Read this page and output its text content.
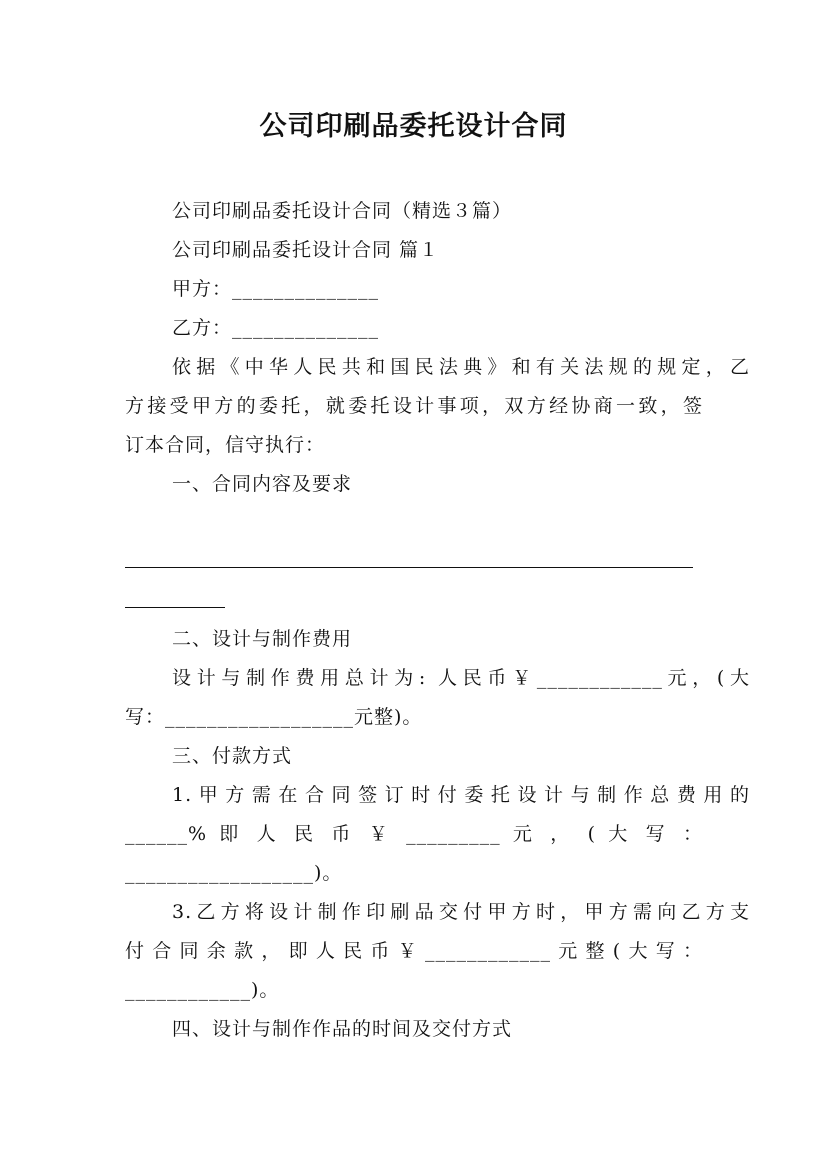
公司印刷品委托设计合同
公司印刷品委托设计合同（精选３篇）
公司印刷品委托设计合同 篇１
甲方：______________
乙方：______________
依据《中华人民共和国民法典》和有关法规的规定，乙
方接受甲方的委托，就委托设计事项，双方经协商一致，签
订本合同，信守执行：
一、合同内容及要求
二、设计与制作费用
设计与制作费用总计为: 人民币￥____________元，(大
写：__________________元整)。
三、付款方式
1.甲方需在合同签订时付委托设计与制作总费用的
______% 即 人 民 币 ￥ _________ 元 ， ( 大 写 ：
__________________)。
3.乙方将设计制作印刷品交付甲方时，甲方需向乙方支
付合同余款，即人民币￥____________元整(大写：
____________)。
四、设计与制作作品的时间及交付方式
